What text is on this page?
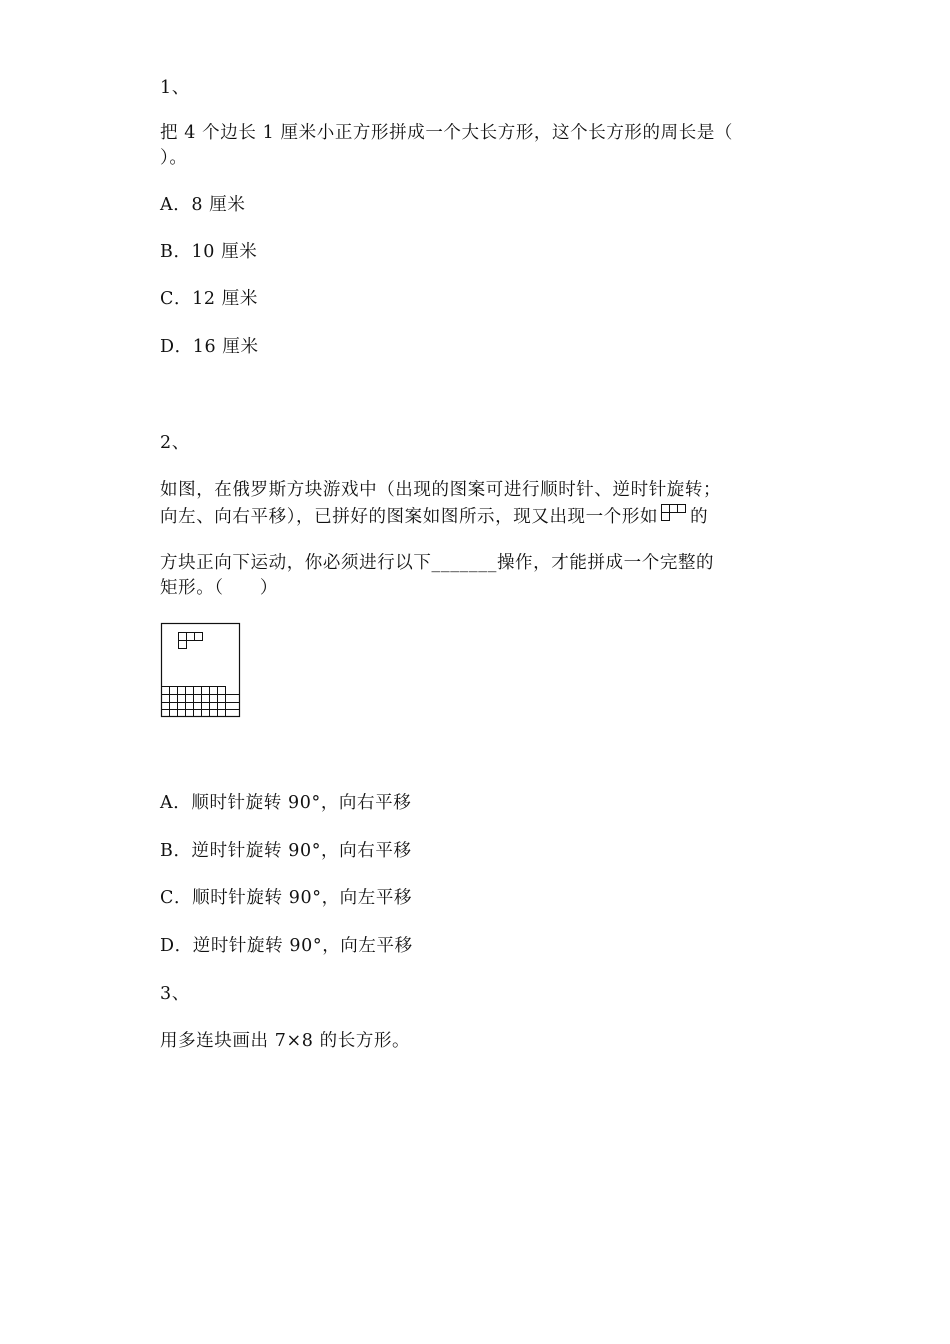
1、
把 4 个边长 1 厘米小正方形拼成一个大长方形，这个长方形的周长是（
）。
A．8 厘米
B．10 厘米
C．12 厘米
D．16 厘米
2、
如图，在俄罗斯方块游戏中（出现的图案可进行顺时针、逆时针旋转；
向左、向右平移），已拼好的图案如图所示，现又出现一个形如 的
方块正向下运动，你必须进行以下_______操作，才能拼成一个完整的
矩形。（　　）
A．顺时针旋转 90°，向右平移
B．逆时针旋转 90°，向右平移
C．顺时针旋转 90°，向左平移
D．逆时针旋转 90°，向左平移
3、
用多连块画出 7×8 的长方形。
